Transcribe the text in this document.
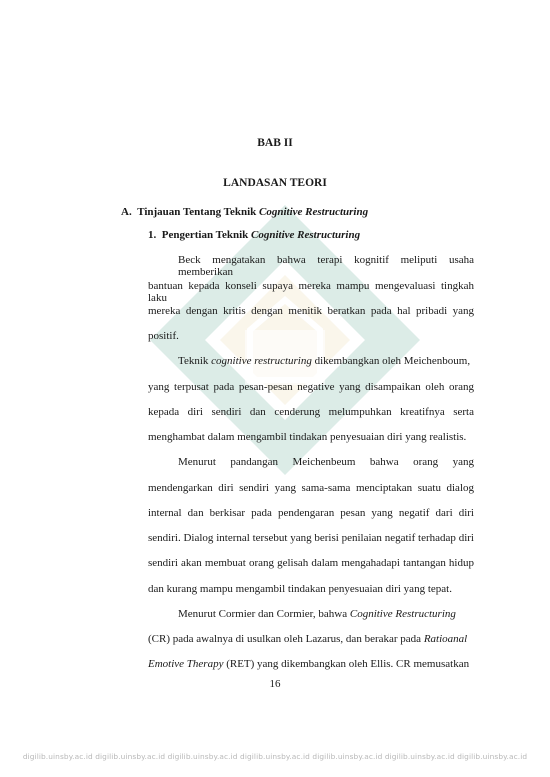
BAB II
LANDASAN TEORI
A. Tinjauan Tentang Teknik Cognitive Restructuring
1. Pengertian Teknik Cognitive Restructuring
Beck mengatakan bahwa terapi kognitif meliputi usaha memberikan
bantuan kepada konseli supaya mereka mampu mengevaluasi tingkah laku
mereka dengan kritis dengan menitik beratkan pada hal pribadi yang
positif.
Teknik cognitive restructuring dikembangkan oleh Meichenboum,
yang terpusat pada pesan-pesan negative yang disampaikan oleh orang
kepada diri sendiri dan cenderung melumpuhkan kreatifnya serta
menghambat dalam mengambil tindakan penyesuaian diri yang realistis.
Menurut pandangan Meichenbeum bahwa orang yang
mendengarkan diri sendiri yang sama-sama menciptakan suatu dialog
internal dan berkisar pada pendengaran pesan yang negatif dari diri
sendiri. Dialog internal tersebut yang berisi penilaian negatif terhadap diri
sendiri akan membuat orang gelisah dalam mengahadapi tantangan hidup
dan kurang mampu mengambil tindakan penyesuaian diri yang tepat.
Menurut Cormier dan Cormier, bahwa Cognitive Restructuring
(CR) pada awalnya di usulkan oleh Lazarus, dan berakar pada Ratioanal
Emotive Therapy (RET) yang dikembangkan oleh Ellis. CR memusatkan
16
digilib.uinsby.ac.id digilib.uinsby.ac.id digilib.uinsby.ac.id digilib.uinsby.ac.id digilib.uinsby.ac.id digilib.uinsby.ac.id digilib.uinsby.ac.id
